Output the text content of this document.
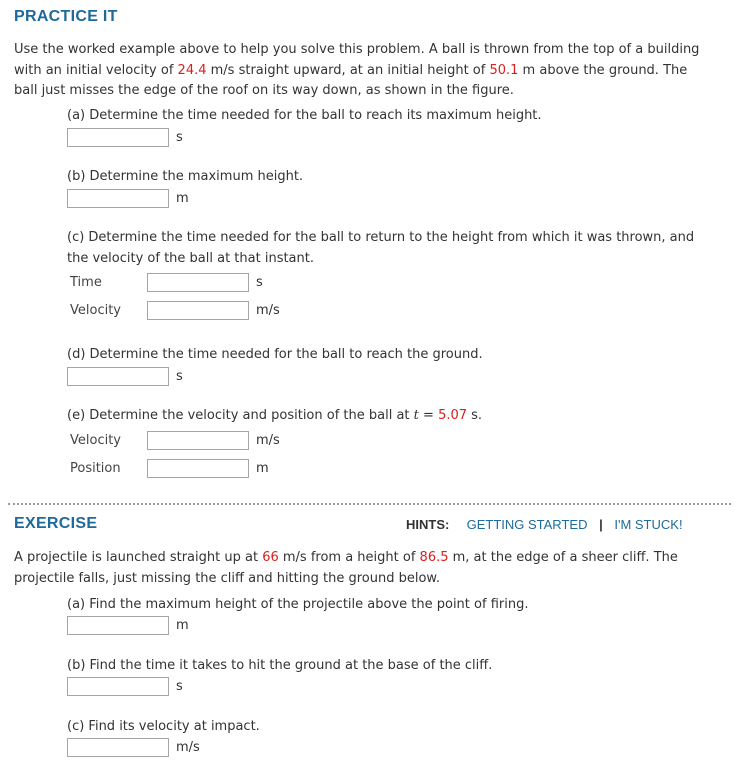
PRACTICE IT
Use the worked example above to help you solve this problem. A ball is thrown from the top of a building
with an initial velocity of 24.4 m/s straight upward, at an initial height of 50.1 m above the ground. The
ball just misses the edge of the roof on its way down, as shown in the figure.
(a) Determine the time needed for the ball to reach its maximum height.
s
(b) Determine the maximum height.
m
(c) Determine the time needed for the ball to return to the height from which it was thrown, and
the velocity of the ball at that instant.
Time	s
Velocity	m/s
(d) Determine the time needed for the ball to reach the ground.
s
(e) Determine the velocity and position of the ball at t = 5.07 s.
Velocity	m/s
Position	m
EXERCISE	HINTS: GETTING STARTED | I'M STUCK!
A projectile is launched straight up at 66 m/s from a height of 86.5 m, at the edge of a sheer cliff. The
projectile falls, just missing the cliff and hitting the ground below.
(a) Find the maximum height of the projectile above the point of firing.
m
(b) Find the time it takes to hit the ground at the base of the cliff.
s
(c) Find its velocity at impact.
m/s
